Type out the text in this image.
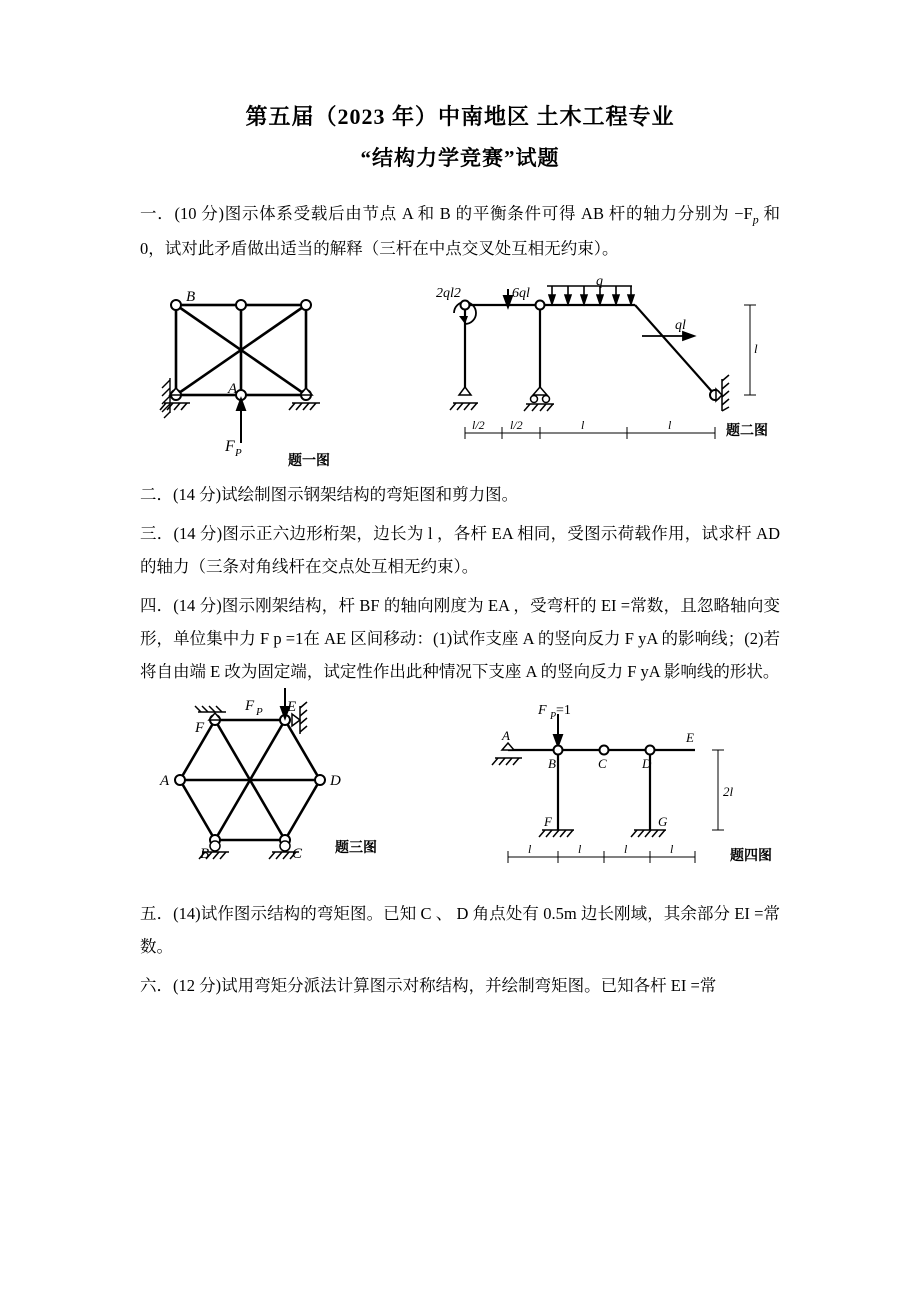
第五届（2023 年）中南地区 土木工程专业
“结构力学竞赛”试题

一．(10 分)图示体系受载后由节点 A 和 B 的平衡条件可得 AB 杆的轴力分别为 $-F_p$ 和 0，试对此矛盾做出适当的解释（三杆在中点交叉处互相无约束）。

B
A
F P
题一图
2ql2	6ql
q
ql
l
l/2 l/2	l	l	题二图

二．(14 分)试绘制图示钢架结构的弯矩图和剪力图。

三．(14 分)图示正六边形桁架，边长为 l ，各杆 EA 相同，受图示荷载作用，试求杆 AD 的轴力（三条对角线杆在交点处互相无约束）。

四．(14 分)图示刚架结构，杆 BF 的轴向刚度为 EA ，受弯杆的 EI =常数，且忽略轴向变形，单位集中力 F p =1在 AE 区间移动：(1)试作支座 A 的竖向反力 F yA 的影响线；(2)若将自由端 E 改为固定端，试定性作出此种情况下支座 A 的竖向反力 F yA 影响线的形状。

F P E
F
A	D
B	C 题三图
F P =1
A
B	C	D
F	G
E
2l
l	l	l	l	题四图

五．(14)试作图示结构的弯矩图。已知 C 、 D 角点处有 0.5m 边长刚域，其余部分 EI =常数。

六．(12 分)试用弯矩分派法计算图示对称结构，并绘制弯矩图。已知各杆 EI =常
